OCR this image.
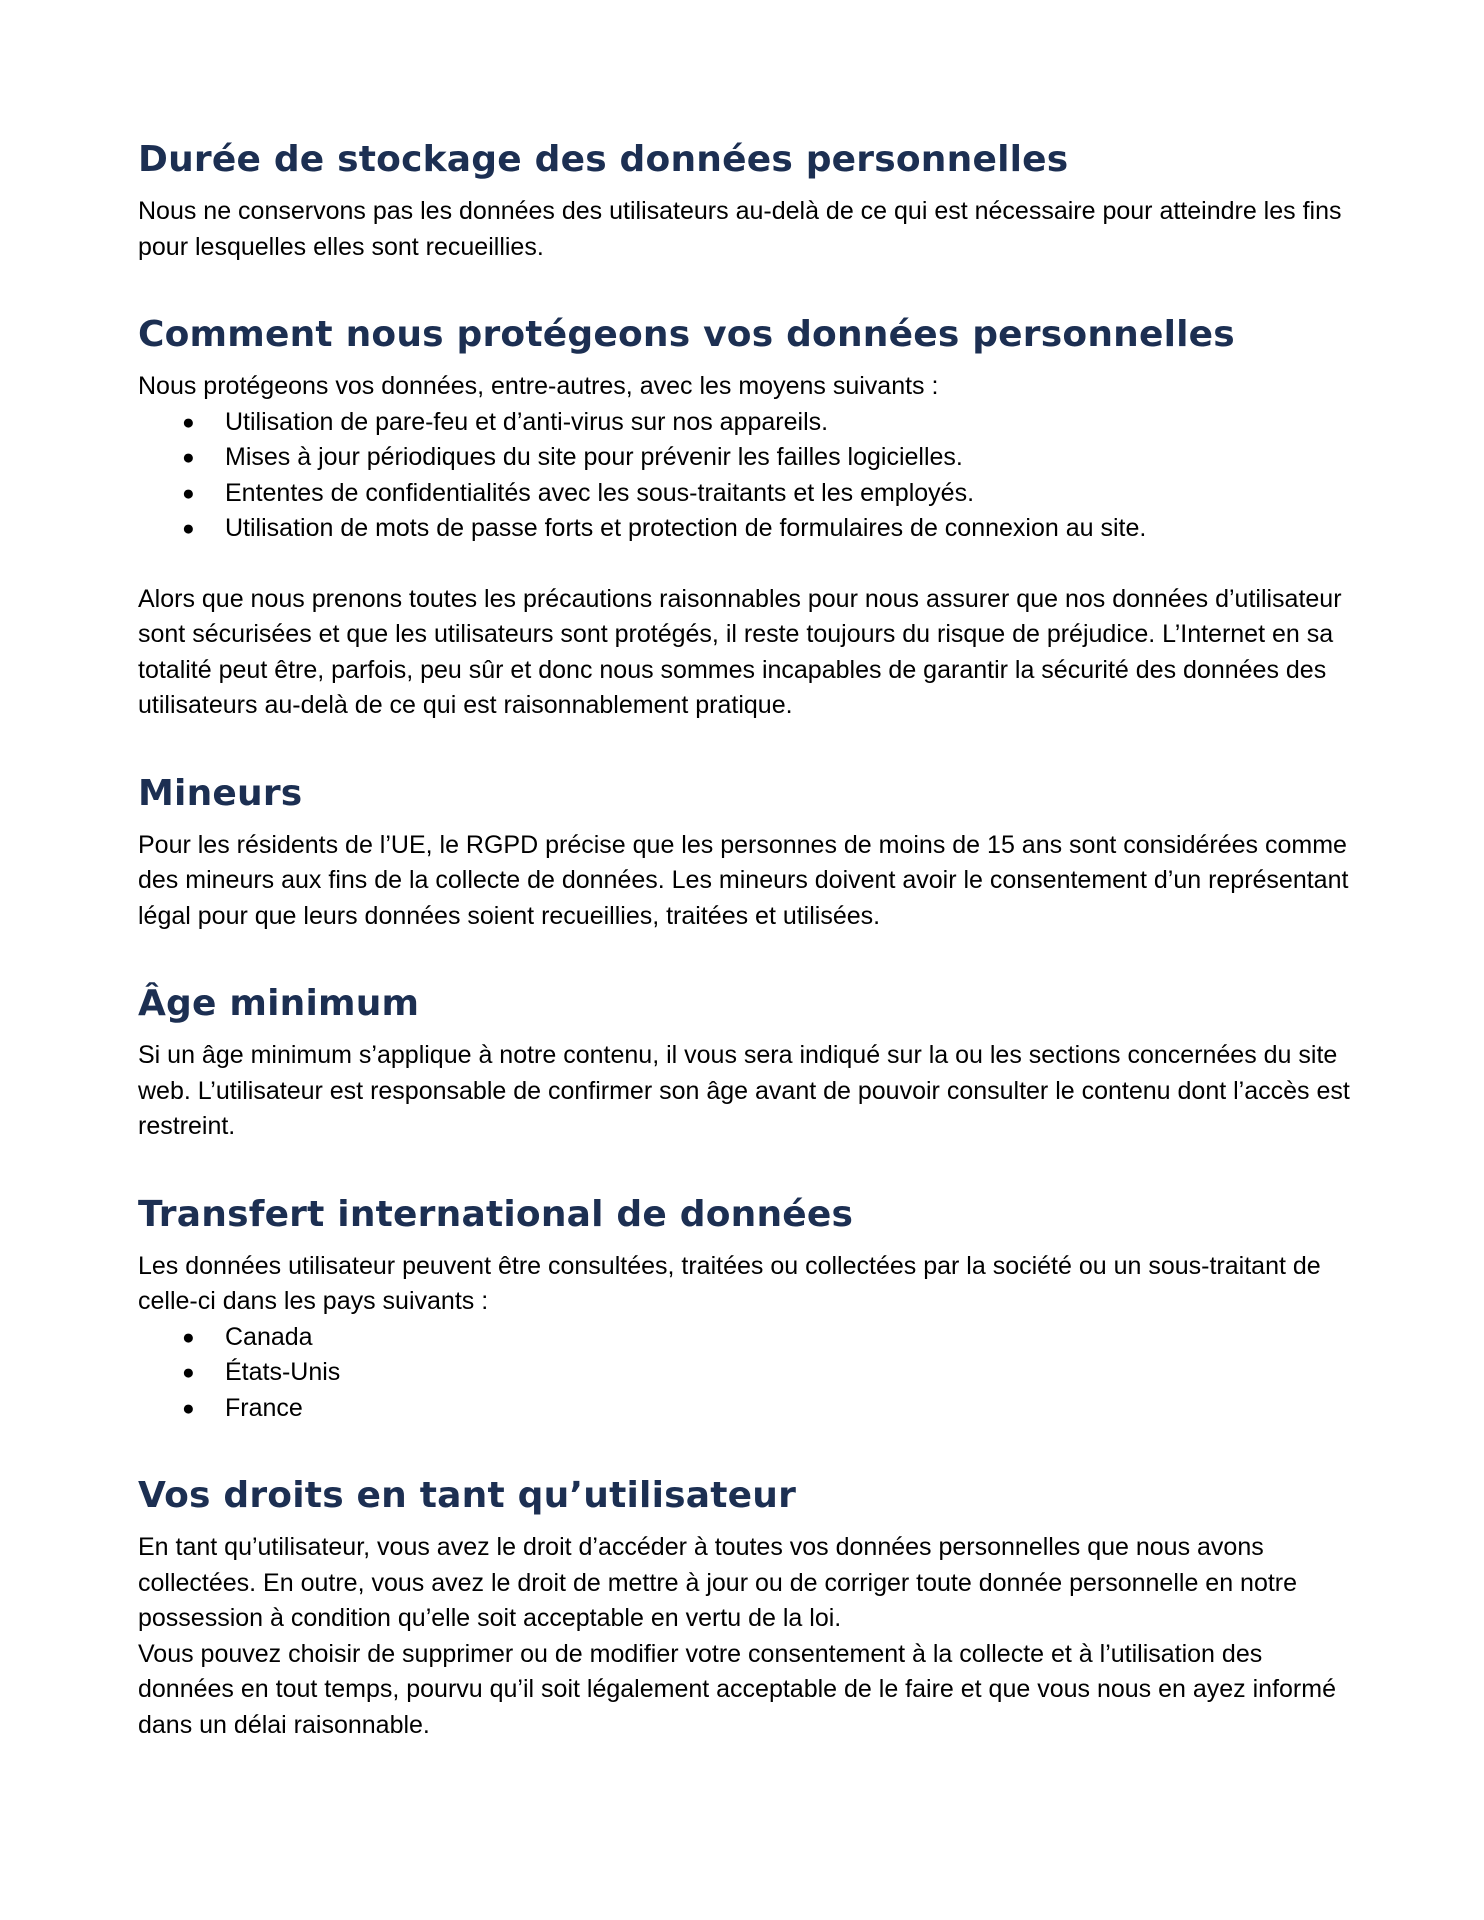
Durée de stockage des données personnelles

Nous ne conservons pas les données des utilisateurs au-delà de ce qui est nécessaire pour atteindre les fins pour lesquelles elles sont recueillies.

Comment nous protégeons vos données personnelles

Nous protégeons vos données, entre-autres, avec les moyens suivants :

● Utilisation de pare-feu et d’anti-virus sur nos appareils.
● Mises à jour périodiques du site pour prévenir les failles logicielles.
● Ententes de confidentialités avec les sous-traitants et les employés.
● Utilisation de mots de passe forts et protection de formulaires de connexion au site.

Alors que nous prenons toutes les précautions raisonnables pour nous assurer que nos données d’utilisateur sont sécurisées et que les utilisateurs sont protégés, il reste toujours du risque de préjudice. L’Internet en sa totalité peut être, parfois, peu sûr et donc nous sommes incapables de garantir la sécurité des données des utilisateurs au-delà de ce qui est raisonnablement pratique.

Mineurs

Pour les résidents de l’UE, le RGPD précise que les personnes de moins de 15 ans sont considérées comme des mineurs aux fins de la collecte de données. Les mineurs doivent avoir le consentement d’un représentant légal pour que leurs données soient recueillies, traitées et utilisées.

Âge minimum

Si un âge minimum s’applique à notre contenu, il vous sera indiqué sur la ou les sections concernées du site web. L’utilisateur est responsable de confirmer son âge avant de pouvoir consulter le contenu dont l’accès est restreint.

Transfert international de données

Les données utilisateur peuvent être consultées, traitées ou collectées par la société ou un sous-traitant de celle-ci dans les pays suivants :

● Canada
● États-Unis
● France
Vos droits en tant qu’utilisateur

En tant qu’utilisateur, vous avez le droit d’accéder à toutes vos données personnelles que nous avons collectées. En outre, vous avez le droit de mettre à jour ou de corriger toute donnée personnelle en notre possession à condition qu’elle soit acceptable en vertu de la loi.

Vous pouvez choisir de supprimer ou de modifier votre consentement à la collecte et à l’utilisation des données en tout temps, pourvu qu’il soit légalement acceptable de le faire et que vous nous en ayez informé dans un délai raisonnable.
